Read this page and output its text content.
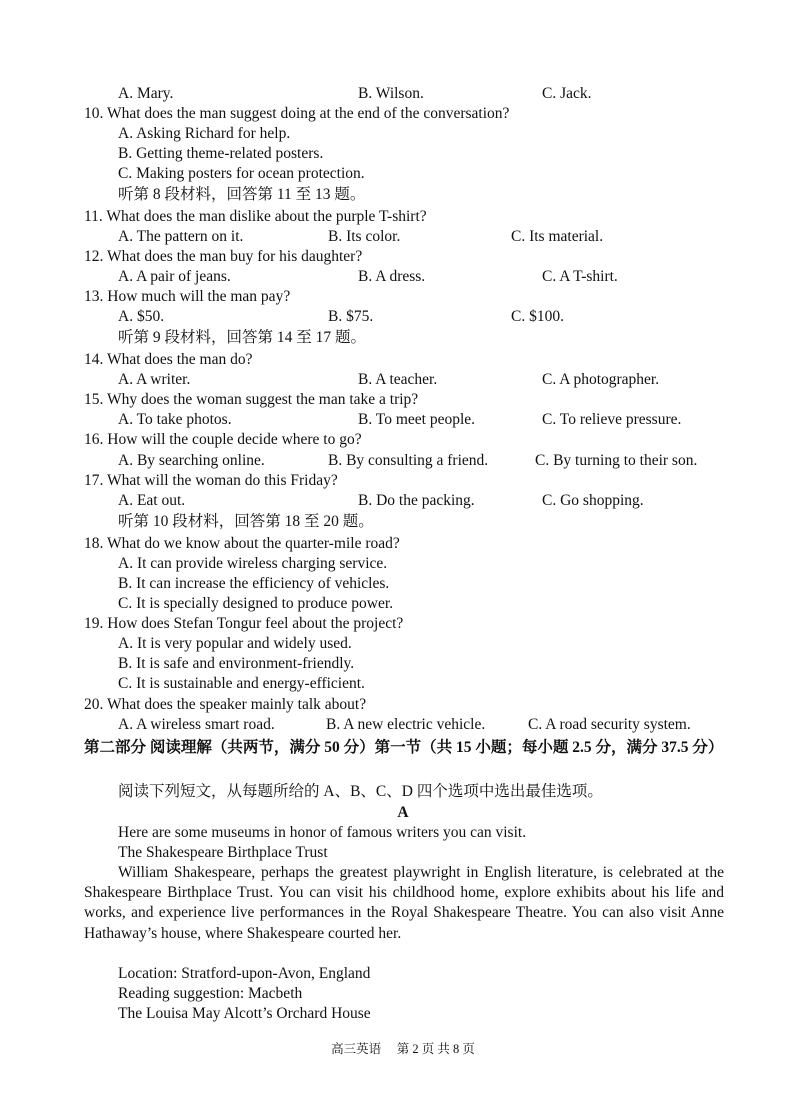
A. Mary.	B. Wilson.	C. Jack.
10. What does the man suggest doing at the end of the conversation?
A. Asking Richard for help.
B. Getting theme-related posters.
C. Making posters for ocean protection.
听第 8 段材料，回答第 11 至 13 题。
11. What does the man dislike about the purple T-shirt?
A. The pattern on it.	B. Its color.	C. Its material.
12. What does the man buy for his daughter?
A. A pair of jeans.	B. A dress.	C. A T-shirt.
13. How much will the man pay?
A. $50.	B. $75.	C. $100.
听第 9 段材料，回答第 14 至 17 题。
14. What does the man do?
A. A writer.	B. A teacher.	C. A photographer.
15. Why does the woman suggest the man take a trip?
A. To take photos.	B. To meet people.	C. To relieve pressure.
16. How will the couple decide where to go?
A. By searching online.	B. By consulting a friend.	C. By turning to their son.
17. What will the woman do this Friday?
A. Eat out.	B. Do the packing.	C. Go shopping.
听第 10 段材料，回答第 18 至 20 题。
18. What do we know about the quarter-mile road?
A. It can provide wireless charging service.
B. It can increase the efficiency of vehicles.
C. It is specially designed to produce power.
19. How does Stefan Tongur feel about the project?
A. It is very popular and widely used.
B. It is safe and environment-friendly.
C. It is sustainable and energy-efficient.
20. What does the speaker mainly talk about?
A. A wireless smart road.	B. A new electric vehicle.	C. A road security system.
第二部分 阅读理解（共两节，满分 50 分）第一节（共 15 小题；每小题 2.5 分，满分 37.5 分）
阅读下列短文，从每题所给的 A、B、C、D 四个选项中选出最佳选项。
A
Here are some museums in honor of famous writers you can visit.
The Shakespeare Birthplace Trust
William Shakespeare, perhaps the greatest playwright in English literature, is celebrated at the Shakespeare Birthplace Trust. You can visit his childhood home, explore exhibits about his life and works, and experience live performances in the Royal Shakespeare Theatre. You can also visit Anne Hathaway’s house, where Shakespeare courted her.
Location: Stratford-upon-Avon, England
Reading suggestion: Macbeth
The Louisa May Alcott’s Orchard House
高三英语　 第 2 页 共 8 页
